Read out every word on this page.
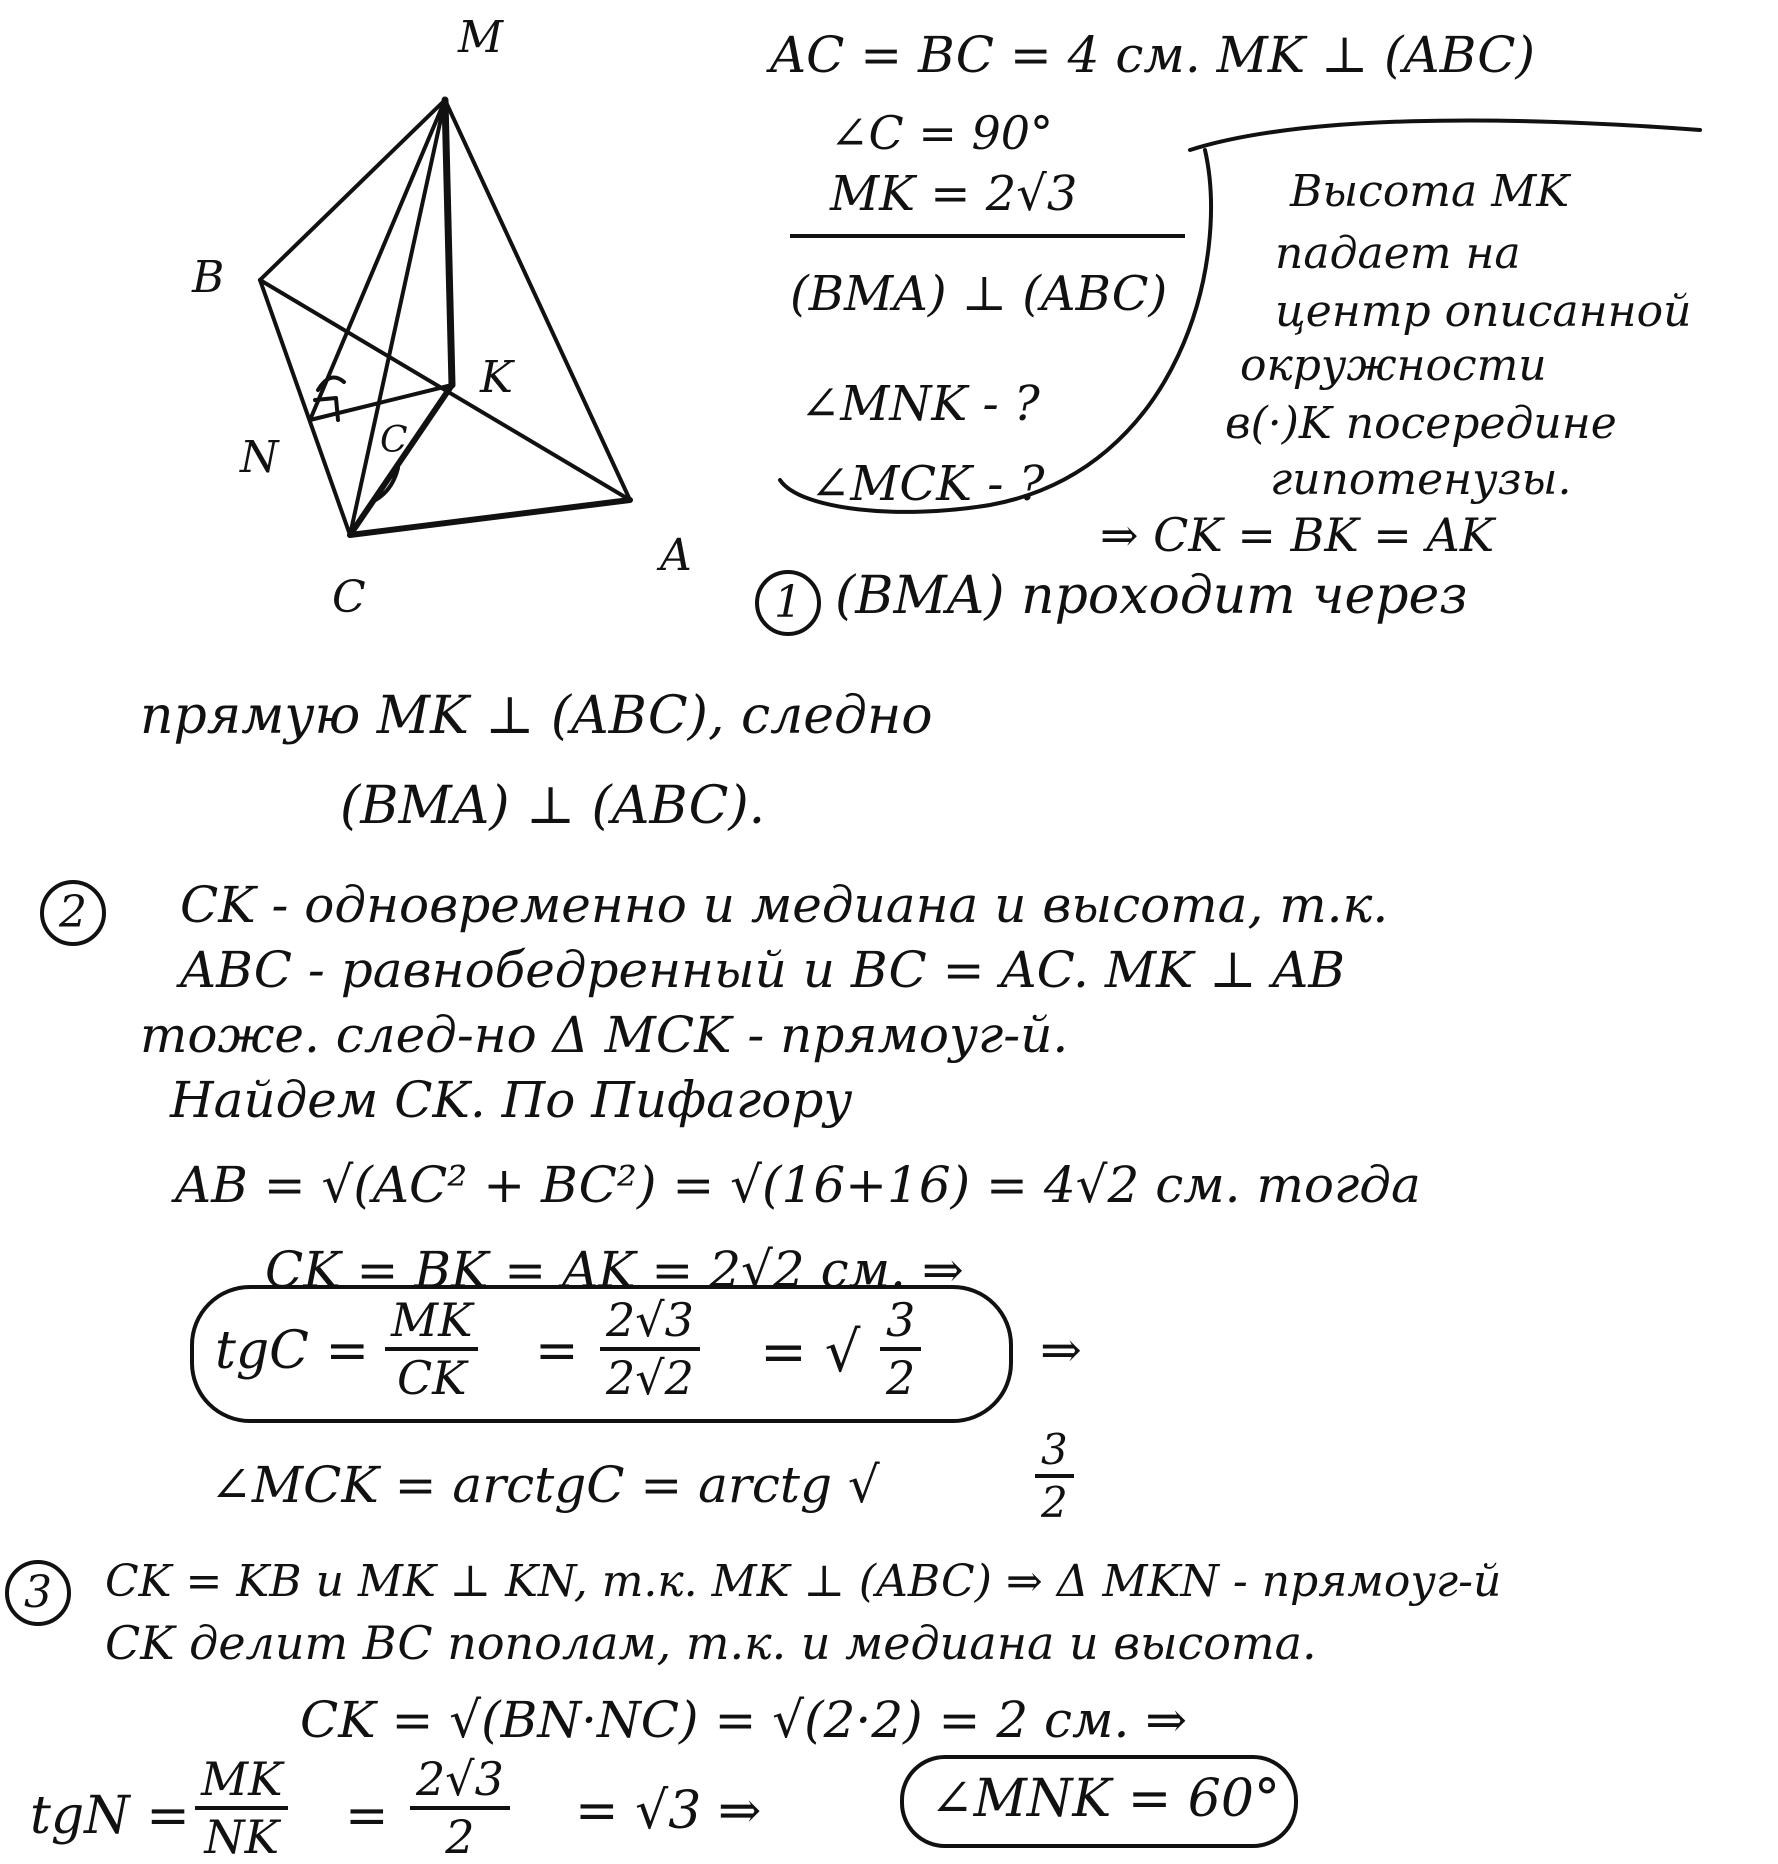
M
B
K
N	C
C
A
AC = BC = 4 см. MK ⊥ (ABC)
∠C = 90°
MK = 2√3
(BMA) ⊥ (ABC)
∠MNK - ?
∠MCK - ?
Высота MK
падает на
центр описанной
окружности
в(·)K посередине
гипотенузы.
⇒ CK = BK = AK
1 (BMA) проходит через
прямую MK ⊥ (ABC), следно
(BMA) ⊥ (ABC).
2	CK - одновременно и медиана и высота, т.к.
ABC - равнобедренный и BC = AC. MK ⊥ AB
тоже. след-но Δ MCK - прямоуг-й.
Найдем CK. По Пифагору
AB = √(AC² + BC²) = √(16+16) = 4√2 см. тогда
CK = BK = AK = 2√2 см. ⇒
tgC = $\frac{MK}{CK} = \frac{2√3}{2√2}$ = √ $\frac{3}{2}$ ⇒
∠MCK = arctgC = arctg √	$\frac{3}{2}$
3	CK = KB и MK ⊥ KN, т.к. MK ⊥ (ABC) ⇒ Δ MKN - прямоуг-й
CK делит BC пополам, т.к. и медиана и высота.
CK = √(BN·NC) = √(2·2) = 2 см. ⇒
tgN = $\frac{MK}{NK} = \frac{2√3}{2} = √3$ ⇒	∠MNK = 60°
